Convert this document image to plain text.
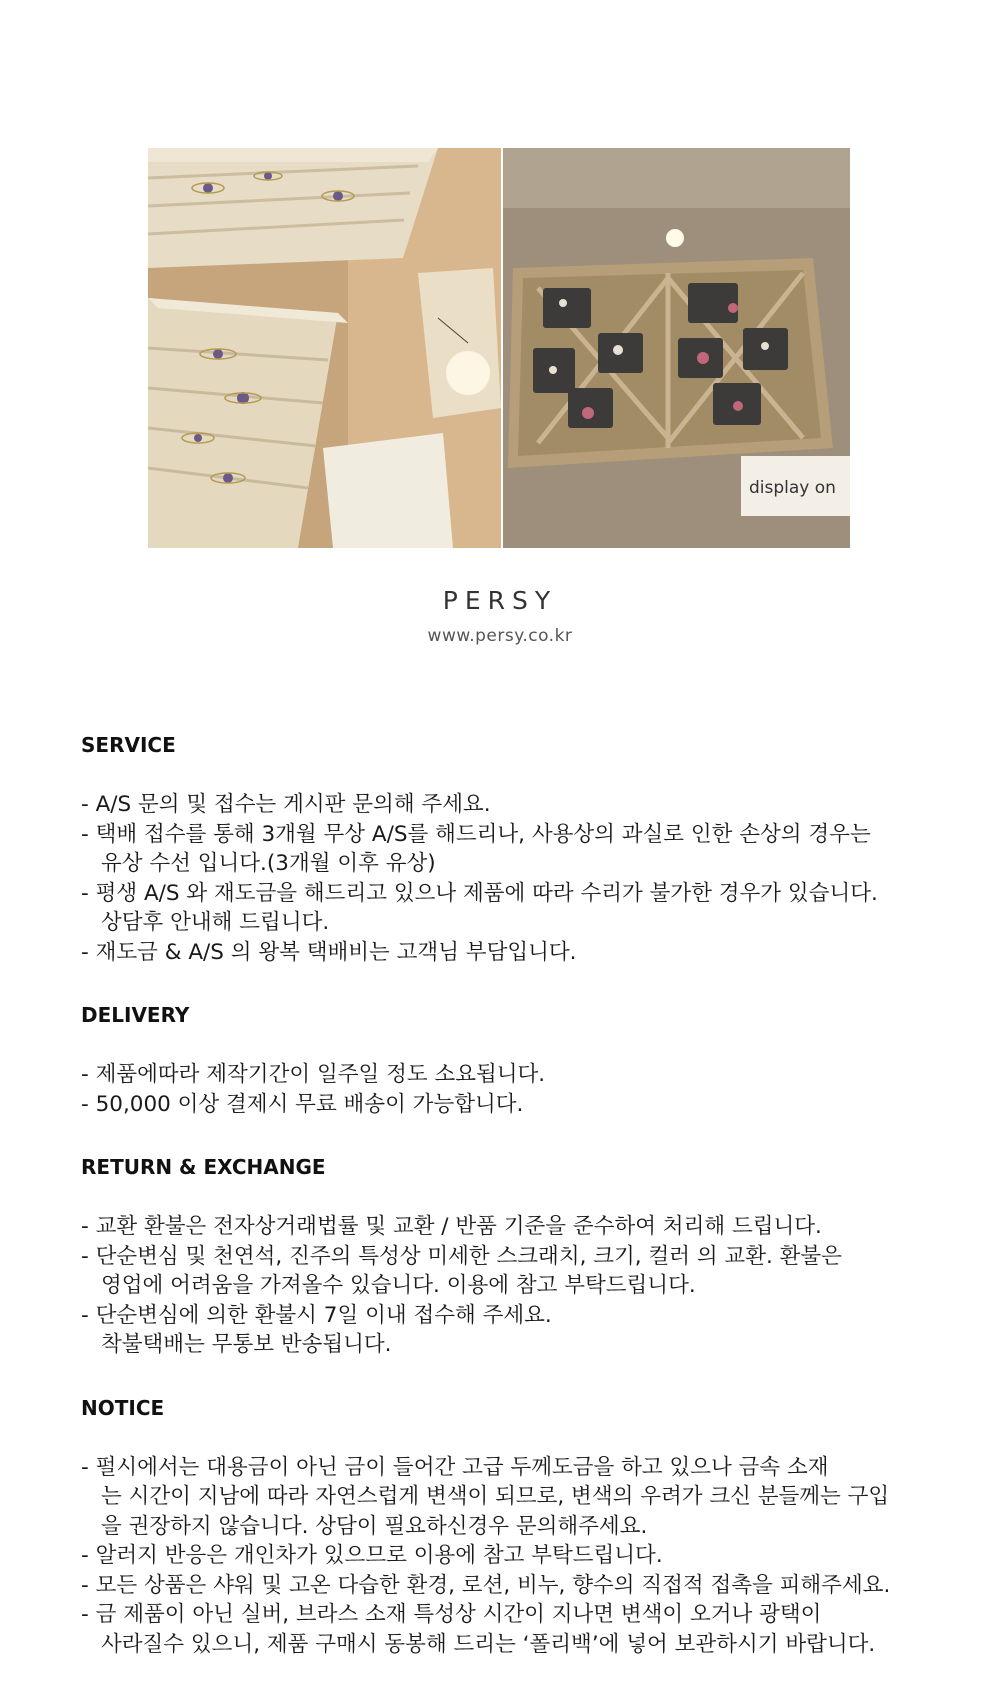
display on
PERSY
www.persy.co.kr
SERVICE
- A/S 문의 및 접수는 게시판 문의해 주세요.
- 택배 접수를 통해 3개월 무상 A/S를 해드리나, 사용상의 과실로 인한 손상의 경우는
유상 수선 입니다.(3개월 이후 유상)
- 평생 A/S 와 재도금을 해드리고 있으나 제품에 따라 수리가 불가한 경우가 있습니다.
상담후 안내해 드립니다.
- 재도금 & A/S 의 왕복 택배비는 고객님 부담입니다.
DELIVERY
- 제품에따라 제작기간이 일주일 정도 소요됩니다.
- 50,000 이상 결제시 무료 배송이 가능합니다.
RETURN & EXCHANGE
- 교환 환불은 전자상거래법률 및 교환 / 반품 기준을 준수하여 처리해 드립니다.
- 단순변심 및 천연석, 진주의 특성상 미세한 스크래치, 크기, 컬러 의 교환. 환불은
영업에 어려움을 가져올수 있습니다. 이용에 참고 부탁드립니다.
- 단순변심에 의한 환불시 7일 이내 접수해 주세요.
착불택배는 무통보 반송됩니다.
NOTICE
- 펄시에서는 대용금이 아닌 금이 들어간 고급 두께도금을 하고 있으나 금속 소재
는 시간이 지남에 따라 자연스럽게 변색이 되므로, 변색의 우려가 크신 분들께는 구입
을 권장하지 않습니다. 상담이 필요하신경우 문의해주세요.
- 알러지 반응은 개인차가 있으므로 이용에 참고 부탁드립니다.
- 모든 상품은 샤워 및 고온 다습한 환경, 로션, 비누, 향수의 직접적 접촉을 피해주세요.
- 금 제품이 아닌 실버, 브라스 소재 특성상 시간이 지나면 변색이 오거나 광택이
사라질수 있으니, 제품 구매시 동봉해 드리는 ‘폴리백’에 넣어 보관하시기 바랍니다.
